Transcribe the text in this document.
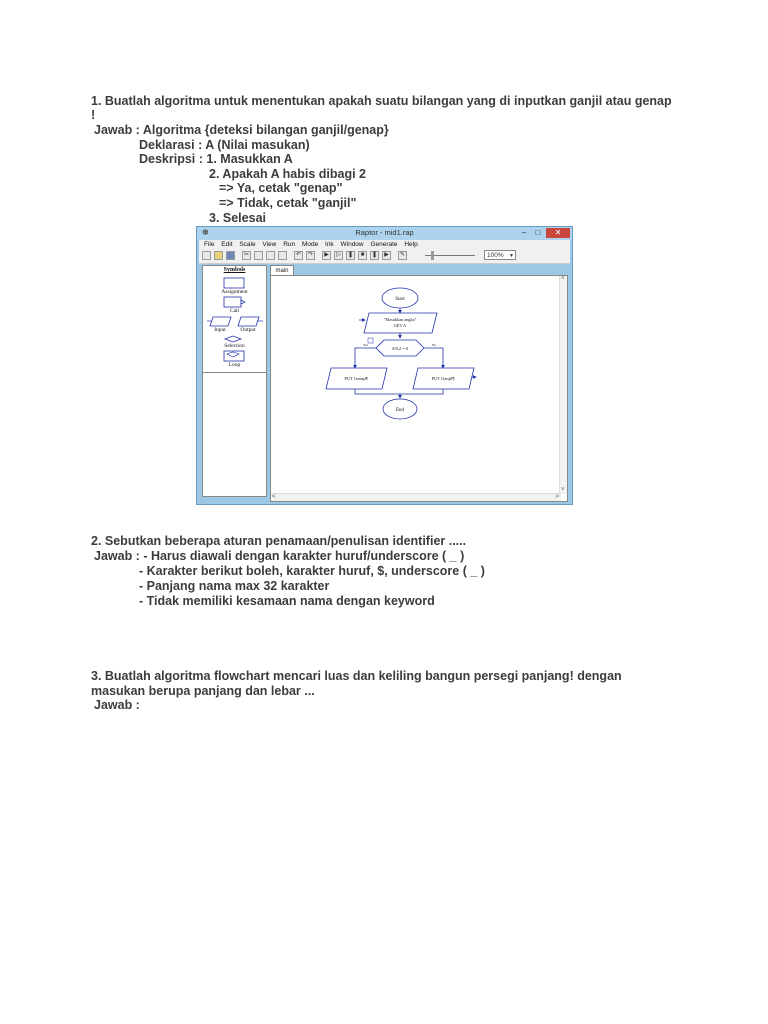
1. Buatlah algoritma untuk menentukan apakah suatu bilangan yang di inputkan ganjil atau genap
!
Jawab : Algoritma {deteksi bilangan ganjil/genap}
Deklarasi : A (Nilai masukan)
Deskripsi : 1. Masukkan A
2. Apakah A habis dibagi 2
=> Ya, cetak "genap"
=> Tidak, cetak "ganjil"
3. Selesai
✽	Raptor - mid1.rap	–	□	✕
File Edit Scale View Run Mode Ink Window Generate Help
✂	↶	↷	▶	▷	❚	■	❚	▶	✎	100% ▼
Symbols
Assignment
Call
Input	Output
Selection
Loop
main
Start
"Masukkan angka"
GET A
A%2 = 0
Yes	No
PUT Genap¶	PUT Ganjil¶
End
˄
˅
˂	˃
2. Sebutkan beberapa aturan penamaan/penulisan identifier .....
Jawab : - Harus diawali dengan karakter huruf/underscore ( _ )
- Karakter berikut boleh, karakter huruf, $, underscore ( _ )
- Panjang nama max 32 karakter
- Tidak memiliki kesamaan nama dengan keyword
3. Buatlah algoritma flowchart mencari luas dan keliling bangun persegi panjang! dengan
masukan berupa panjang dan lebar ...
Jawab :
